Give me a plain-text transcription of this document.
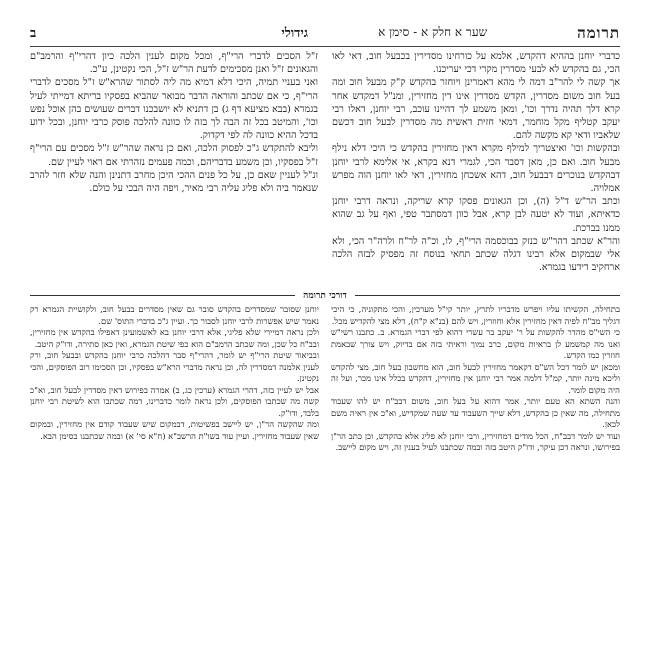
תרומה
שער א חלק א - סימן א
גידולי
ב

כדברי יוחנן בההיא דהקדש, אלמא על כורחינו מסדירין בכבעל חוב, דאי לאו הכי, גם בהקדש לא לבעי מסדרין מקרי דכי יעריכנו.

אך קשה לי להר"ב דמה לי מהא דאמרינן ויוחזר בהקדש ק"ק מבעל חוב ומה בעל חוב משום מסדרין, הקדש מסדרין אינו דין מחזירין, ומנ"ל דמקדש אחר קרא דלך תהיה נדרך וכו', ומאן משמע לך דהיינו עוכב, רבי יוחנן, דאלו רבי יעקב קטליף מקל מוחמר, דמאי חזית דאשית מה מסדרין לבעל חוב דכשם שלאביו ודאי קא מקשה להם.

ובהקשות וכו' ואיצטריך למילף מקרא דאין מחזירין בהקדש כי היכי דלא נילף מבעל חוב. ואם כן, מאן דסבר הכי, לגמרי דנא בקרא, אי אלימא לרבי יוחנן דבהקדש בנוכרים דבבעל חוב, דהא אשכחן מחזירין, דאי לאו יוחנן הוה מפרש אמלויה.

וכתב הר"ש ד"ל (ה), וכן הגאונים פסקו קרא שריקה, ונראה דרבי יוחנן כדאיתא, ועוד לא יטעה לבן קרא, אבל כוון דמסתבר טפי, ואף על גב שהוא ממנו בברכת.

והר"א שכתב דהר"ש כנזק בבוכסמה הרי"ף, לו, וכ"ה לר"ח ולרה"ר הכי, ולא אלי שבמקום אלא רבינו דגלה שכתב תחאי בנוסח זה מפסיק לבזה הלכה ארחקיב דידעו בגמרא.

ז"ל הסכים לדברי הרי"ף, ומכל מקום לענין הלכה כיון דהרי"ף והרמב"ם והגאונים ז"ל ואנן מסכימים לדעת הר"ש ז"ל, הכי נקטינן, ע"כ.

ואני בעניי תמיה, היכי דלא דמיא מה ליה לסתור שהרא"ש ז"ל מסכים לדברי הרי"ף, כי אם שכתב והוראה הדבר מבואר שהביא בפסקיו בריתא דמייתי לעיל בגמרא (בבא מציעא דף ג) בן דתניא לא יושבכנו דברים שעושים בהן אוכל נפש וכו', והמיטב בכל זה הבה לך בזה לו כוונה להלכה פוסק כרבי יוחנן, ובכל ידוע בדכל ההיא כוונה לה לפי דקדוק.

וליבא להתקדש ג"כ לפסוק הלכה, ואם כן נראה שהר"ש ז"ל מסכים עם הרי"ף ז"ל בפסקיו, וכן משמע בדבריהם, וכמה פעמים נזהרתי אם ראוי לעיין שם.

ונ"ל לעניין שאם כן, על כל פנים ההכי היכן מחרב דתנינן והנה שלא חזר להרב שנאמר ביה ולא פליג עליה רבי מאיר, ויפה היה הבכי על כולם.

דורכי תרומה

בתחילה, הקשיתו עליו ויפרש מדבריו לתרץ, יותר קי"ל מערכין, והכי מתקוניה, כי היכי דגליך מב"ח לפיה דאין מחזירין אלא וחוזרין, ויש להם (בנ"א ק"ח), דלא מצי להקדיש מכל.

כי השי"ס מהדר להקשות על ר' יעקב בר עשרי דהוא לפי דברי הגמרא. ב. כתבנו רשי"ש ואנו מה קמשמע לן בראיות מקום, כרב נמוך וראיתי בזה אם בדיוק, ויש צורך שבאמת חוזרין כמו הקדש.

ומכאן יש לומר דכל הש"ס דקאמר מחזירין לבעל חוב, הוא מחשבון בעל חוב, מצי להקדש וליכא מינה יותר, קמ"ל דלמה אמר רבי יוחנן אין מחזירין, דהקדש בכלל אינו מכר, ועל זה היה מקום לומר.

והנה השתא הא טעם יותר, אמר דהוא על בעל חוב, משום דבב"ח יש להו שעבוד מתחילה, מה שאין כן בהקדש, דלא שייך השעבוד עד שעה שמקדיש, וא"כ אין ראיה משם לכאן.

ועוד יש לומר דבב"ח, הכל מודים דמחזירין, ורבי יוחנן לא פליג אלא בהקדש, וכן כתב הר"ן בפירושו, ונראה דכן עיקר, ודו"ק היטב בזה ובמה שכתבנו לעיל בענין זה, ויש מקום ליישב.

יוחנן שסובר שמסדרים בהקדש סובר גם שאין מסדרים בבעל חוב, ולקושיית הגמרא רק נאמר שיש אפשרות לרבי יוחנן לסבור כך. ועיין ג"כ בדברי התוס' שם.

ולכן נראה דמיירי שלא פליגי, אלא דרבי יוחנן בא לאשמועינן דאפילו בהקדש אין מחזירין, ובב"ח כל שכן, ומה שכתב הרמב"ם הוא כפי שיטת הגמרא, ואין כאן סתירה, ודו"ק היטב.

ובביאור שיטת הרי"ף יש לומר, דהרי"ף סבר דהלכה כרבי יוחנן בהקדש ובבעל חוב, ורק לענין אלמנה דמסדרין לה, וכן נראה מדברי הרא"ש בפסקיו, וכן הסכימו רוב הפוסקים, והכי נקטינן.

אבל יש לעיין בזה, דהרי הגמרא (ערכין כג, ב) אמרה בפירוש דאין מסדרין לבעל חוב, וא"כ קשה מה שכתבו הפוסקים, ולכן נראה לומר כדברינו, דמה שכתבו הוא לשיטת רבי יוחנן בלבד, ודו"ק.

ומה שהקשה הר"ן, יש ליישב בפשיטות, דבמקום שיש שעבוד קודם אין מחזירין, ובמקום שאין שעבוד מחזירין. ועיין עוד בשו"ת הרשב"א (ח"א סי' א) ובמה שכתבנו בסימן הבא.
